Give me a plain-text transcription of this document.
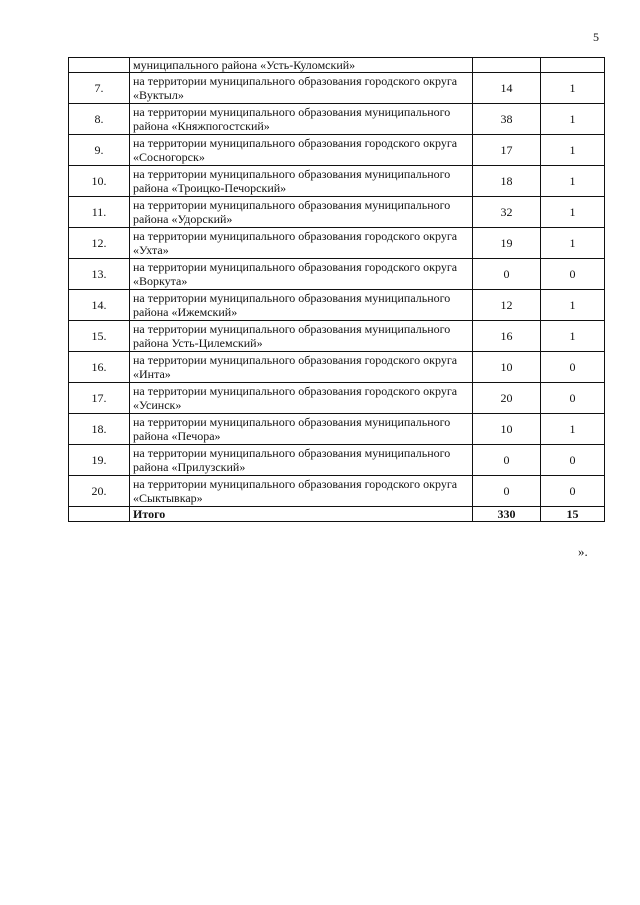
5
	муниципального района «Усть-Куломский»		
7.	на территории муниципального образования городского округа «Вуктыл»	14	1
8.	на территории муниципального образования муниципального района «Княжпогостский»	38	1
9.	на территории муниципального образования городского округа «Сосногорск»	17	1
10.	на территории муниципального образования муниципального района «Троицко-Печорский»	18	1
11.	на территории муниципального образования муниципального района «Удорский»	32	1
12.	на территории муниципального образования городского округа «Ухта»	19	1
13.	на территории муниципального образования городского округа «Воркута»	0	0
14.	на территории муниципального образования муниципального района «Ижемский»	12	1
15.	на территории муниципального образования муниципального района Усть-Цилемский»	16	1
16.	на территории муниципального образования городского округа «Инта»	10	0
17.	на территории муниципального образования городского округа «Усинск»	20	0
18.	на территории муниципального образования муниципального района «Печора»	10	1
19.	на территории муниципального образования муниципального района «Прилузский»	0	0
20.	на территории муниципального образования городского округа «Сыктывкар»	0	0
	Итого	330	15
».
